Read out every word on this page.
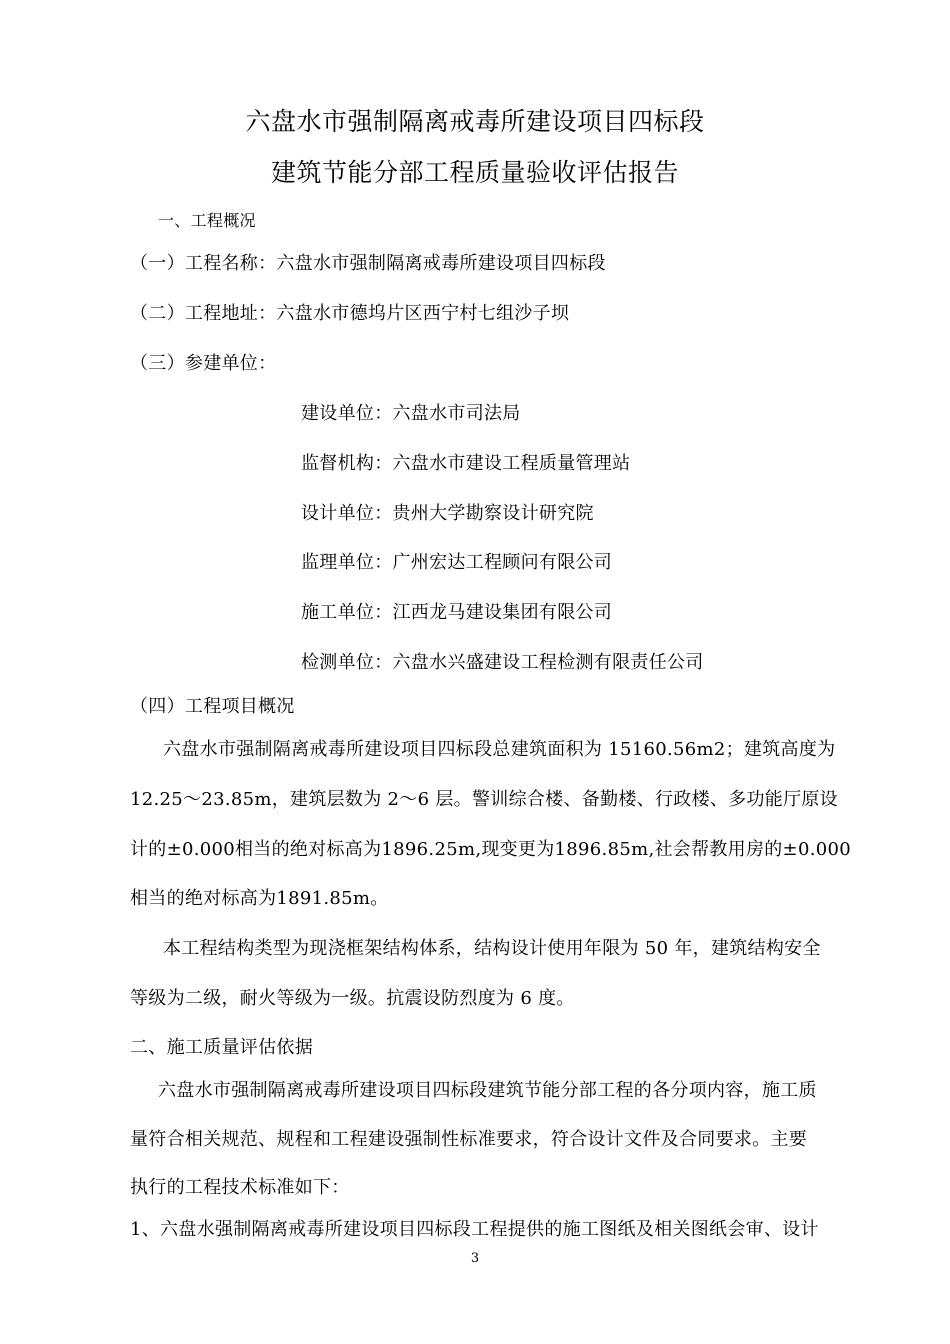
六盘水市强制隔离戒毒所建设项目四标段
建筑节能分部工程质量验收评估报告
一、工程概况
（一）工程名称：六盘水市强制隔离戒毒所建设项目四标段
（二）工程地址：六盘水市德坞片区西宁村七组沙子坝
（三）参建单位：
建设单位：六盘水市司法局
监督机构：六盘水市建设工程质量管理站
设计单位：贵州大学勘察设计研究院
监理单位：广州宏达工程顾问有限公司
施工单位：江西龙马建设集团有限公司
检测单位：六盘水兴盛建设工程检测有限责任公司
（四）工程项目概况
六盘水市强制隔离戒毒所建设项目四标段总建筑面积为 15160.56m2；建筑高度为
12.25～23.85m，建筑层数为 2～6 层。警训综合楼、备勤楼、行政楼、多功能厅原设
计的±0.000相当的绝对标高为1896.25m,现变更为1896.85m,社会帮教用房的±0.000
相当的绝对标高为1891.85m。
本工程结构类型为现浇框架结构体系，结构设计使用年限为 50 年，建筑结构安全
等级为二级，耐火等级为一级。抗震设防烈度为 6 度。
二、施工质量评估依据
六盘水市强制隔离戒毒所建设项目四标段建筑节能分部工程的各分项内容，施工质
量符合相关规范、规程和工程建设强制性标准要求，符合设计文件及合同要求。主要
执行的工程技术标准如下：
1、六盘水强制隔离戒毒所建设项目四标段工程提供的施工图纸及相关图纸会审、设计
3
